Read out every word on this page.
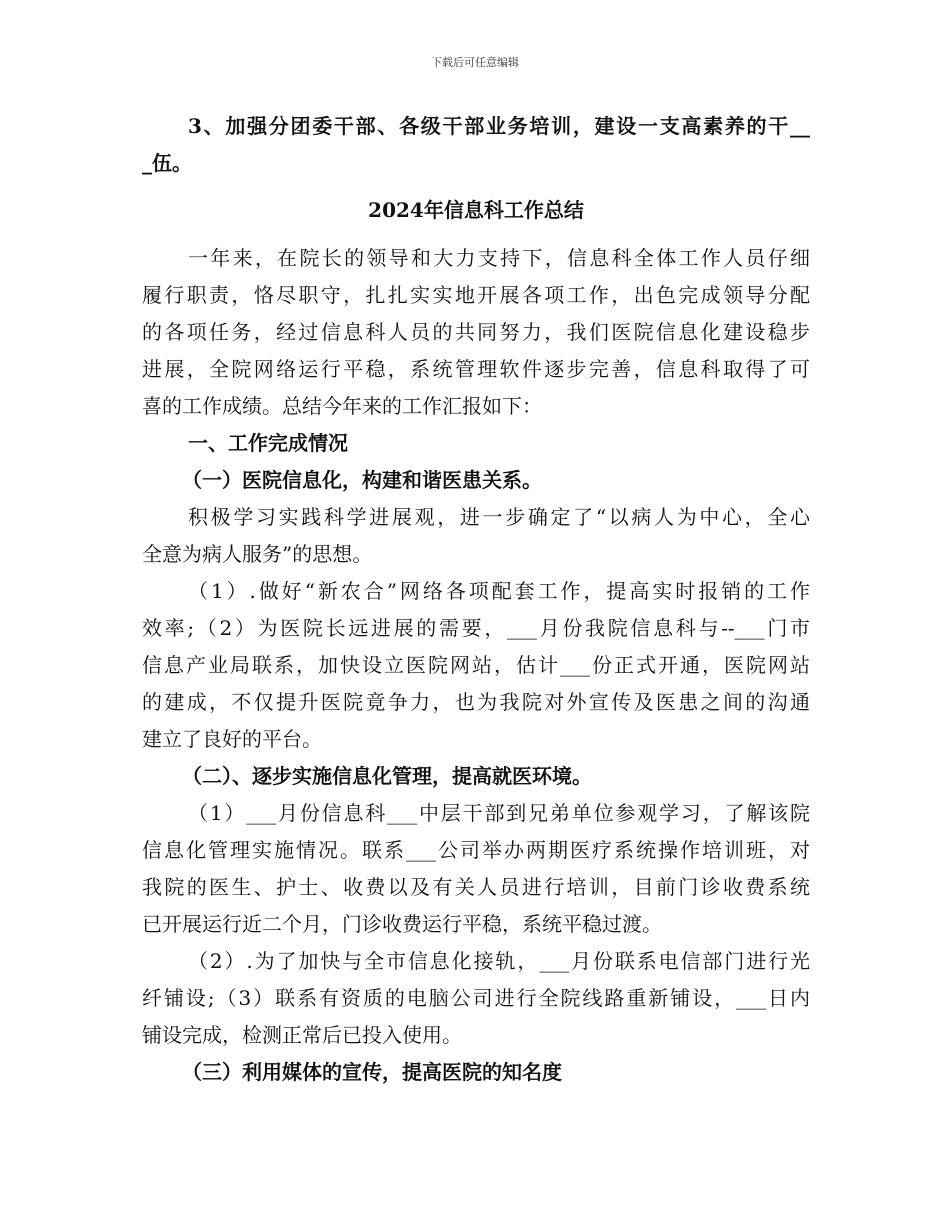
下载后可任意编辑
3、加强分团委干部、各级干部业务培训，建设一支高素养的干__
_伍。
2024年信息科工作总结
一年来，在院长的领导和大力支持下，信息科全体工作人员仔细
履行职责，恪尽职守，扎扎实实地开展各项工作，出色完成领导分配
的各项任务，经过信息科人员的共同努力，我们医院信息化建设稳步
进展，全院网络运行平稳，系统管理软件逐步完善，信息科取得了可
喜的工作成绩。总结今年来的工作汇报如下：
一、工作完成情况
（一）医院信息化，构建和谐医患关系。
积极学习实践科学进展观，进一步确定了“以病人为中心，全心
全意为病人服务”的思想。
（1）.做好“新农合”网络各项配套工作，提高实时报销的工作
效率;（2）为医院长远进展的需要，___月份我院信息科与--___门市
信息产业局联系，加快设立医院网站，估计___份正式开通，医院网站
的建成，不仅提升医院竟争力，也为我院对外宣传及医患之间的沟通
建立了良好的平台。
（二）、逐步实施信息化管理，提高就医环境。
（1）___月份信息科___中层干部到兄弟单位参观学习，了解该院
信息化管理实施情况。联系___公司举办两期医疗系统操作培训班，对
我院的医生、护士、收费以及有关人员进行培训，目前门诊收费系统
已开展运行近二个月，门诊收费运行平稳，系统平稳过渡。
（2）.为了加快与全市信息化接轨，___月份联系电信部门进行光
纤铺设;（3）联系有资质的电脑公司进行全院线路重新铺设，___日内
铺设完成，检测正常后已投入使用。
（三）利用媒体的宣传，提高医院的知名度
